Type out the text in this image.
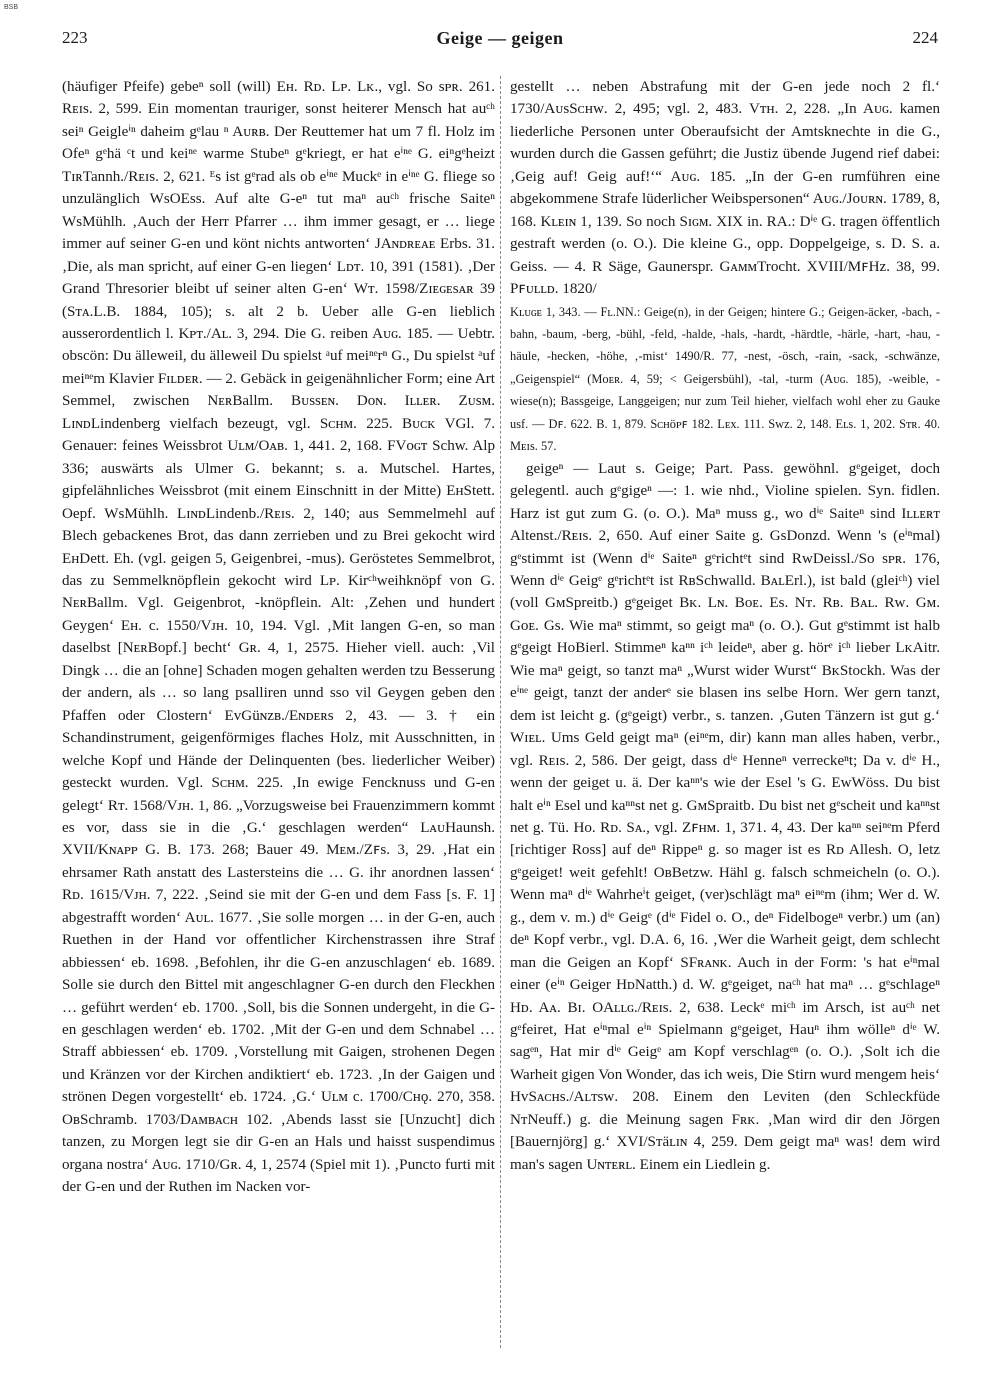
BSB
223	Geige — geigen	224

(häufiger Pfeife) gebeⁿ soll (will) Eʜ. Rᴅ. Lᴘ. Lᴋ., vgl. So sᴘʀ. 261. Rᴇɪs. 2, 599. Ein momentan trauriger, sonst heiterer Mensch hat auᶜʰ seiⁿ Geigleⁱⁿ daheim gᵉlau ⁿ Aᴜʀʙ. Der Reuttemer hat um 7 fl. Holz im Ofeⁿ gᵉhä ᶜt und keiⁿᵉ warme Stubeⁿ gᵉkriegt, er hat eⁱⁿᵉ G. eiⁿgᵉheizt TɪʀTannh./Rᴇɪs. 2, 621. ᴱs ist gᵉrad als ob eⁱⁿᵉ Muckᵉ in eⁱⁿᵉ G. fliege so unzulänglich WsOEss. Auf alte G-eⁿ tut maⁿ auᶜʰ frische Saiteⁿ WsMühlh. ‚Auch der Herr Pfarrer … ihm immer gesagt, er … liege immer auf seiner G-en und könt nichts antworten‘ JAɴᴅʀᴇᴀᴇ Erbs. 31. ‚Die, als man spricht, auf einer G-en liegen‘ Lᴅᴛ. 10, 391 (1581). ‚Der Grand Thresorier bleibt uf seiner alten G-en‘ Wᴛ. 1598/Zɪᴇɢᴇsᴀʀ 39 (Sᴛᴀ.L.B. 1884, 105); s. alt 2 b. Ueber alle G-en lieblich ausserordentlich l. Kᴘᴛ./Aʟ. 3, 294. Die G. reiben Aᴜɢ. 185. — Uebtr. obscön: Du älleweil, du älleweil Du spielst ᵃuf meiⁿᵉrⁿ G., Du spielst ᵃuf meiⁿᵉm Klavier Fɪʟᴅᴇʀ. — 2. Gebäck in geigenähnlicher Form; eine Art Semmel, zwischen NᴇʀBallm. Bᴜssᴇɴ. Dᴏɴ. Iʟʟᴇʀ. Zᴜsᴍ. LɪɴᴅLindenberg vielfach bezeugt, vgl. Sᴄʜᴍ. 225. Bᴜᴄᴋ VGl. 7. Genauer: feines Weissbrot Uʟᴍ/Oᴀʙ. 1, 441. 2, 168. FVᴏɢᴛ Schw. Alp 336; auswärts als Ulmer G. bekannt; s. a. Mutschel. Hartes, gipfelähnliches Weissbrot (mit einem Einschnitt in der Mitte) EʜStett. Oepf. WsMühlh. LɪɴᴅLindenb./Rᴇɪs. 2, 140; aus Semmelmehl auf Blech gebackenes Brot, das dann zerrieben und zu Brei gekocht wird EʜDett. Eh. (vgl. geigen 5, Geigenbrei, -mus). Geröstetes Semmelbrot, das zu Semmelknöpflein gekocht wird Lᴘ. Kirᶜʰweihknöpf von G. NᴇʀBallm. Vgl. Geigenbrot, -knöpflein. Alt: ‚Zehen und hundert Geygen‘ Eʜ. c. 1550/Vᴊʜ. 10, 194. Vgl. ‚Mit langen G-en, so man daselbst [NᴇʀBopf.] becht‘ Gʀ. 4, 1, 2575. Hieher viell. auch: ‚Vil Dingk … die an [ohne] Schaden mogen gehalten werden tzu Besserung der andern, als … so lang psalliren unnd sso vil Geygen geben den Pfaffen oder Clostern‘ EᴠGüɴᴢʙ./Eɴᴅᴇʀs 2, 43. — 3. † ein Schandinstrument, geigenförmiges flaches Holz, mit Ausschnitten, in welche Kopf und Hände der Delinquenten (bes. liederlicher Weiber) gesteckt wurden. Vgl. Sᴄʜᴍ. 225. ‚In ewige Fencknuss und G-en gelegt‘ Rᴛ. 1568/Vᴊʜ. 1, 86. „Vorzugsweise bei Frauenzimmern kommt es vor, dass sie in die ‚G.‘ geschlagen werden“ LᴀᴜHaunsh. XVII/Kɴᴀᴘᴘ G. B. 173. 268; Bauer 49. Mᴇᴍ./Zꜰs. 3, 29. ‚Hat ein ehrsamer Rath anstatt des Lastersteins die … G. ihr anordnen lassen‘ Rᴅ. 1615/Vᴊʜ. 7, 222. ‚Seind sie mit der G-en und dem Fass [s. F. 1] abgestrafft worden‘ Aᴜʟ. 1677. ‚Sie solle morgen … in der G-en, auch Ruethen in der Hand vor offentlicher Kirchenstrassen ihre Straf abbiessen‘ eb. 1698. ‚Befohlen, ihr die G-en anzuschlagen‘ eb. 1689. Solle sie durch den Bittel mit angeschlagner G-en durch den Fleckhen … geführt werden‘ eb. 1700. ‚Soll, bis die Sonnen undergeht, in die G-en geschlagen werden‘ eb. 1702. ‚Mit der G-en und dem Schnabel … Straff abbiessen‘ eb. 1709. ‚Vorstellung mit Gaigen, strohenen Degen und Kränzen vor der Kirchen andiktiert‘ eb. 1723. ‚In der Gaigen und strönen Degen vorgestellt‘ eb. 1724. ‚G.‘ Uʟᴍ c. 1700/Cʜǫ. 270, 358. OʙSchramb. 1703/Dᴀᴍʙᴀᴄʜ 102. ‚Abends lasst sie [Unzucht] dich tanzen, zu Morgen legt sie dir G-en an Hals und haisst suspendimus organa nostra‘ Aᴜɢ. 1710/Gʀ. 4, 1, 2574 (Spiel mit 1). ‚Puncto furti mit der G-en und der Ruthen im Nacken vor-

gestellt … neben Abstrafung mit der G-en jede noch 2 fl.‘ 1730/AᴜsSᴄʜᴡ. 2, 495; vgl. 2, 483. Vᴛʜ. 2, 228. „In Aᴜɢ. kamen liederliche Personen unter Oberaufsicht der Amtsknechte in die G., wurden durch die Gassen geführt; die Justiz übende Jugend rief dabei: ‚Geig auf! Geig auf!‘“ Aᴜɢ. 185. „In der G-en rumführen eine abgekommene Strafe lüderlicher Weibspersonen“ Aᴜɢ./Jᴏᴜʀɴ. 1789, 8, 168. Kʟᴇɪɴ 1, 139. So noch Sɪɢᴍ. XIX in. RA.: Dⁱᵉ G. tragen öffentlich gestraft werden (o. O.). Die kleine G., opp. Doppelgeige, s. D. S. a. Geiss. — 4. R Säge, Gaunerspr. GᴀᴍᴍTrocht. XVIII/MꜰHz. 38, 99. Pꜰᴜʟʟᴅ. 1820/

Kʟᴜɢᴇ 1, 343. — Fʟ.NN.: Geige(n), in der Geigen; hintere G.; Geigen-äcker, -bach, -bahn, -baum, -berg, -bühl, -feld, -halde, -hals, -hardt, -härdtle, -härle, -hart, -hau, -häule, -hecken, -höhe, ‚-mist‘ 1490/R. 77, -nest, -ösch, -rain, -sack, -schwänze, „Geigenspiel“ (Mᴏᴇʀ. 4, 59; < Geigersbühl), -tal, -turm (Aᴜɢ. 185), -weible, -wiese(n); Bassgeige, Langgeigen; nur zum Teil hieher, vielfach wohl eher zu Gauke usf. — Dꜰ. 622. B. 1, 879. Sᴄʜöᴘꜰ 182. Lᴇx. 111. Sᴡᴢ. 2, 148. Eʟs. 1, 202. Sᴛʀ. 40. Mᴇɪs. 57.

geigeⁿ — Laut s. Geige; Part. Pass. gewöhnl. gᵉgeiget, doch gelegentl. auch gᵉgigeⁿ —: 1. wie nhd., Violine spielen. Syn. fidlen. Harz ist gut zum G. (o. O.). Maⁿ muss g., wo dⁱᵉ Saiteⁿ sind Iʟʟᴇʀᴛ Altenst./Rᴇɪs. 2, 650. Auf einer Saite g. GsDonzd. Wenn 's (eⁱⁿmal) gᵉstimmt ist (Wenn dⁱᵉ Saiteⁿ gᵉrichtᵉt sind RᴡDeissl./So sᴘʀ. 176, Wenn dⁱᵉ Geigᵉ gᵉrichtᵉt ist RʙSchwalld. BᴀʟErl.), ist bald (gleiᶜʰ) viel (voll GᴍSpreitb.) gᵉgeiget Bᴋ. Lɴ. Bᴏᴇ. Es. Nᴛ. Rʙ. Bᴀʟ. Rᴡ. Gᴍ. Gᴏᴇ. Gs. Wie maⁿ stimmt, so geigt maⁿ (o. O.). Gut gᵉstimmt ist halb gᵉgeigt HoBierl. Stimmeⁿ kaⁿⁿ iᶜʰ leideⁿ, aber g. hörᵉ iᶜʰ lieber LᴋAitr. Wie maⁿ geigt, so tanzt maⁿ „Wurst wider Wurst“ BᴋStockh. Was der eⁱⁿᵉ geigt, tanzt der anderᵉ sie blasen ins selbe Horn. Wer gern tanzt, dem ist leicht g. (gᵉgeigt) verbr., s. tanzen. ‚Guten Tänzern ist gut g.‘ Wɪᴇʟ. Ums Geld geigt maⁿ (eiⁿᵉm, dir) kann man alles haben, verbr., vgl. Rᴇɪs. 2, 586. Der geigt, dass dⁱᵉ Henneⁿ verreckeⁿt; Da v. dⁱᵉ H., wenn der geiget u. ä. Der kaⁿⁿ's wie der Esel 's G. EᴡWöss. Du bist halt eⁱⁿ Esel und kaⁿⁿst net g. GᴍSpraitb. Du bist net gᵉscheit und kaⁿⁿst net g. Tü. Hᴏ. Rᴅ. Sᴀ., vgl. Zꜰʜᴍ. 1, 371. 4, 43. Der kaⁿⁿ seiⁿᵉm Pferd [richtiger Ross] auf deⁿ Rippeⁿ g. so mager ist es Rᴅ Allesh. O, letz gᵉgeiget! weit gefehlt! OʙBetzw. Hähl g. falsch schmeicheln (o. O.). Wenn maⁿ dⁱᵉ Wahrheⁱt geiget, (ver)schlägt maⁿ eiⁿᵉm (ihm; Wer d. W. g., dem v. m.) dⁱᵉ Geigᵉ (dⁱᵉ Fidel o. O., deⁿ Fidelbogeⁿ verbr.) um (an) deⁿ Kopf verbr., vgl. D.A. 6, 16. ‚Wer die Warheit geigt, dem schlecht man die Geigen an Kopf‘ SFʀᴀɴᴋ. Auch in der Form: 's hat eⁱⁿmal einer (eⁱⁿ Geiger HᴅNatth.) d. W. gᵉgeiget, naᶜʰ hat maⁿ … gᵉschlageⁿ Hᴅ. Aᴀ. Bɪ. OAʟʟɢ./Rᴇɪs. 2, 638. Leckᵉ miᶜʰ im Arsch, ist auᶜʰ net gᵉfeiret, Hat eⁱⁿmal eⁱⁿ Spielmann gᵉgeiget, Hauⁿ ihm wölleⁿ dⁱᵉ W. sagᵉⁿ, Hat mir dⁱᵉ Geigᵉ am Kopf verschlagᵉⁿ (o. O.). ‚Solt ich die Warheit gigen Von Wonder, das ich weis, Die Stirn wurd mengem heis‘ HᴠSᴀᴄʜs./Aʟᴛsᴡ. 208. Einem den Leviten (den Schleckfüde NᴛNeuff.) g. die Meinung sagen Fʀᴋ. ‚Man wird dir den Jörgen [Bauernjörg] g.‘ XVI/Sᴛäʟɪɴ 4, 259. Dem geigt maⁿ was! dem wird man's sagen Uɴᴛᴇʀʟ. Einem ein Liedlein g.
